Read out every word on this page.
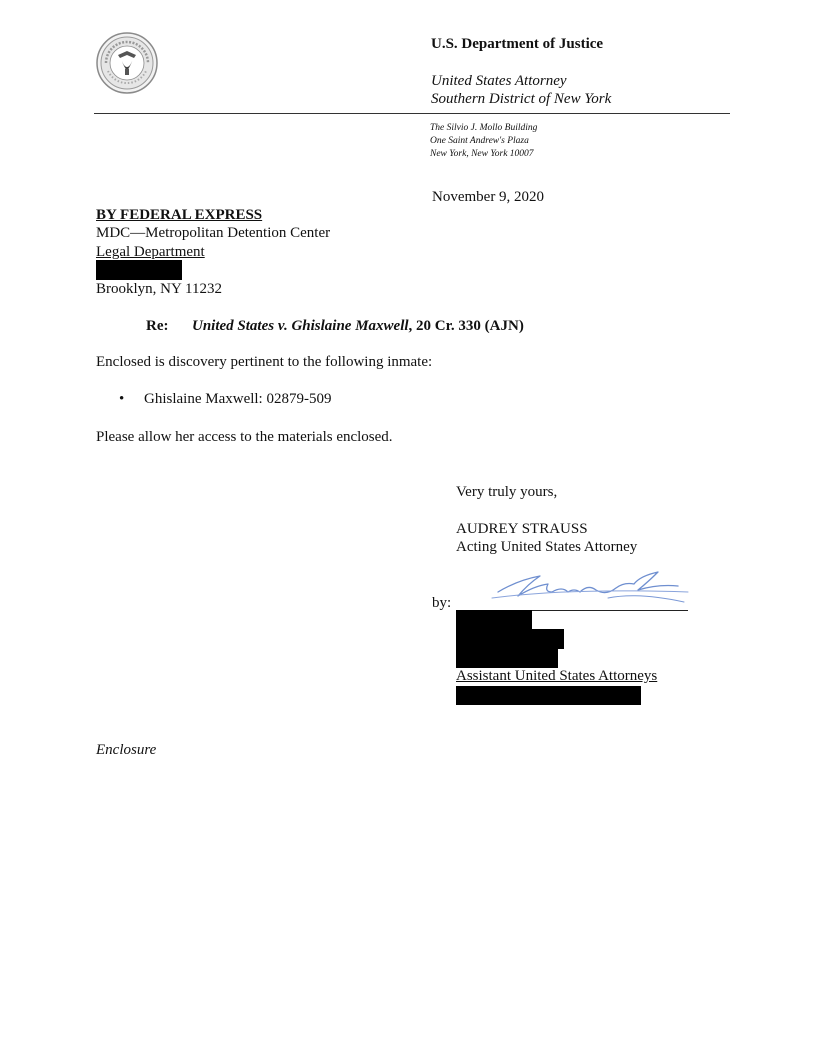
U.S. Department of Justice
United States Attorney
Southern District of New York
The Silvio J. Mollo Building
One Saint Andrew's Plaza
New York, New York 10007
November 9, 2020
BY FEDERAL EXPRESS
MDC—Metropolitan Detention Center
Legal Department
Brooklyn, NY 11232
Re: United States v. Ghislaine Maxwell, 20 Cr. 330 (AJN)
Enclosed is discovery pertinent to the following inmate:
• Ghislaine Maxwell: 02879-509
Please allow her access to the materials enclosed.
Very truly yours,
AUDREY STRAUSS
Acting United States Attorney
by:
Assistant United States Attorneys
Enclosure
